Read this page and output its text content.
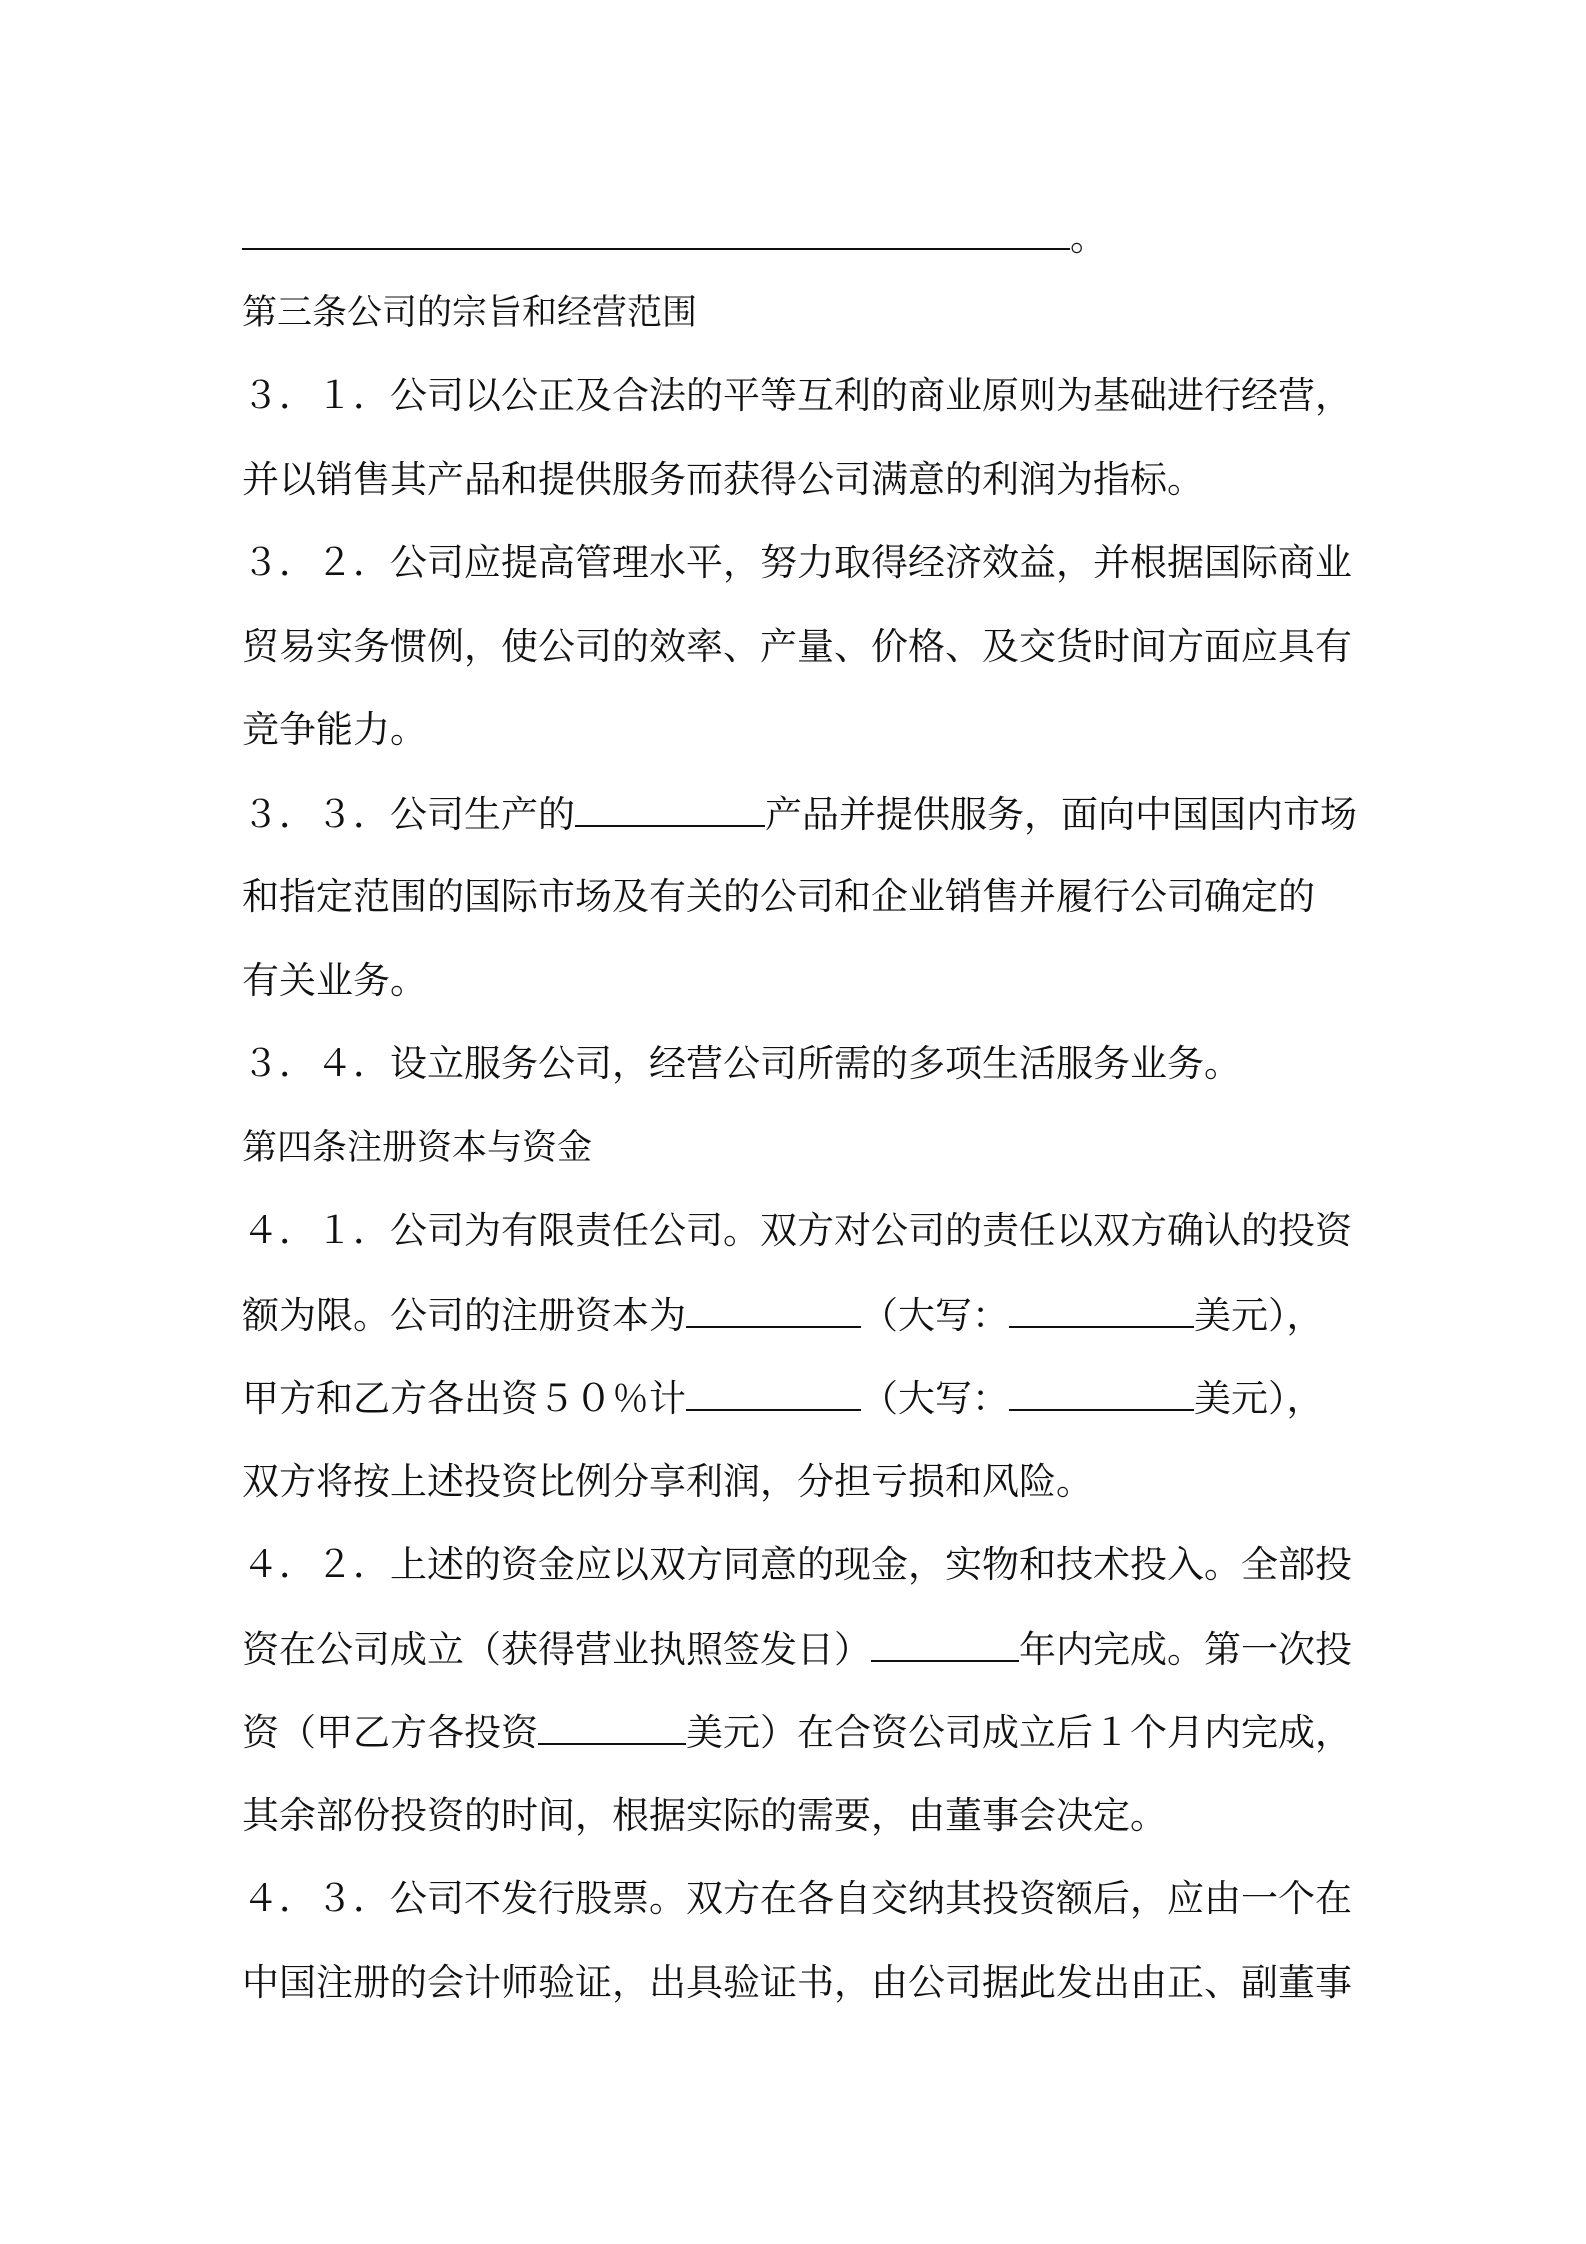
。
第三条公司的宗旨和经营范围
３．１．公司以公正及合法的平等互利的商业原则为基础进行经营，
并以销售其产品和提供服务而获得公司满意的利润为指标。
３．２．公司应提高管理水平，努力取得经济效益，并根据国际商业
贸易实务惯例，使公司的效率、产量、价格、及交货时间方面应具有
竞争能力。
３．３．公司生产的	产品并提供服务，面向中国国内市场
和指定范围的国际市场及有关的公司和企业销售并履行公司确定的
有关业务。
３．４．设立服务公司，经营公司所需的多项生活服务业务。
第四条注册资本与资金
４．１．公司为有限责任公司。双方对公司的责任以双方确认的投资
额为限。公司的注册资本为	（大写：	美元），
甲方和乙方各出资５０％计	（大写：	美元），
双方将按上述投资比例分享利润，分担亏损和风险。
４．２．上述的资金应以双方同意的现金，实物和技术投入。全部投
资在公司成立（获得营业执照签发日）	年内完成。第一次投
资（甲乙方各投资	美元）在合资公司成立后１个月内完成，
其余部份投资的时间，根据实际的需要，由董事会决定。
４．３．公司不发行股票。双方在各自交纳其投资额后，应由一个在
中国注册的会计师验证，出具验证书，由公司据此发出由正、副董事
